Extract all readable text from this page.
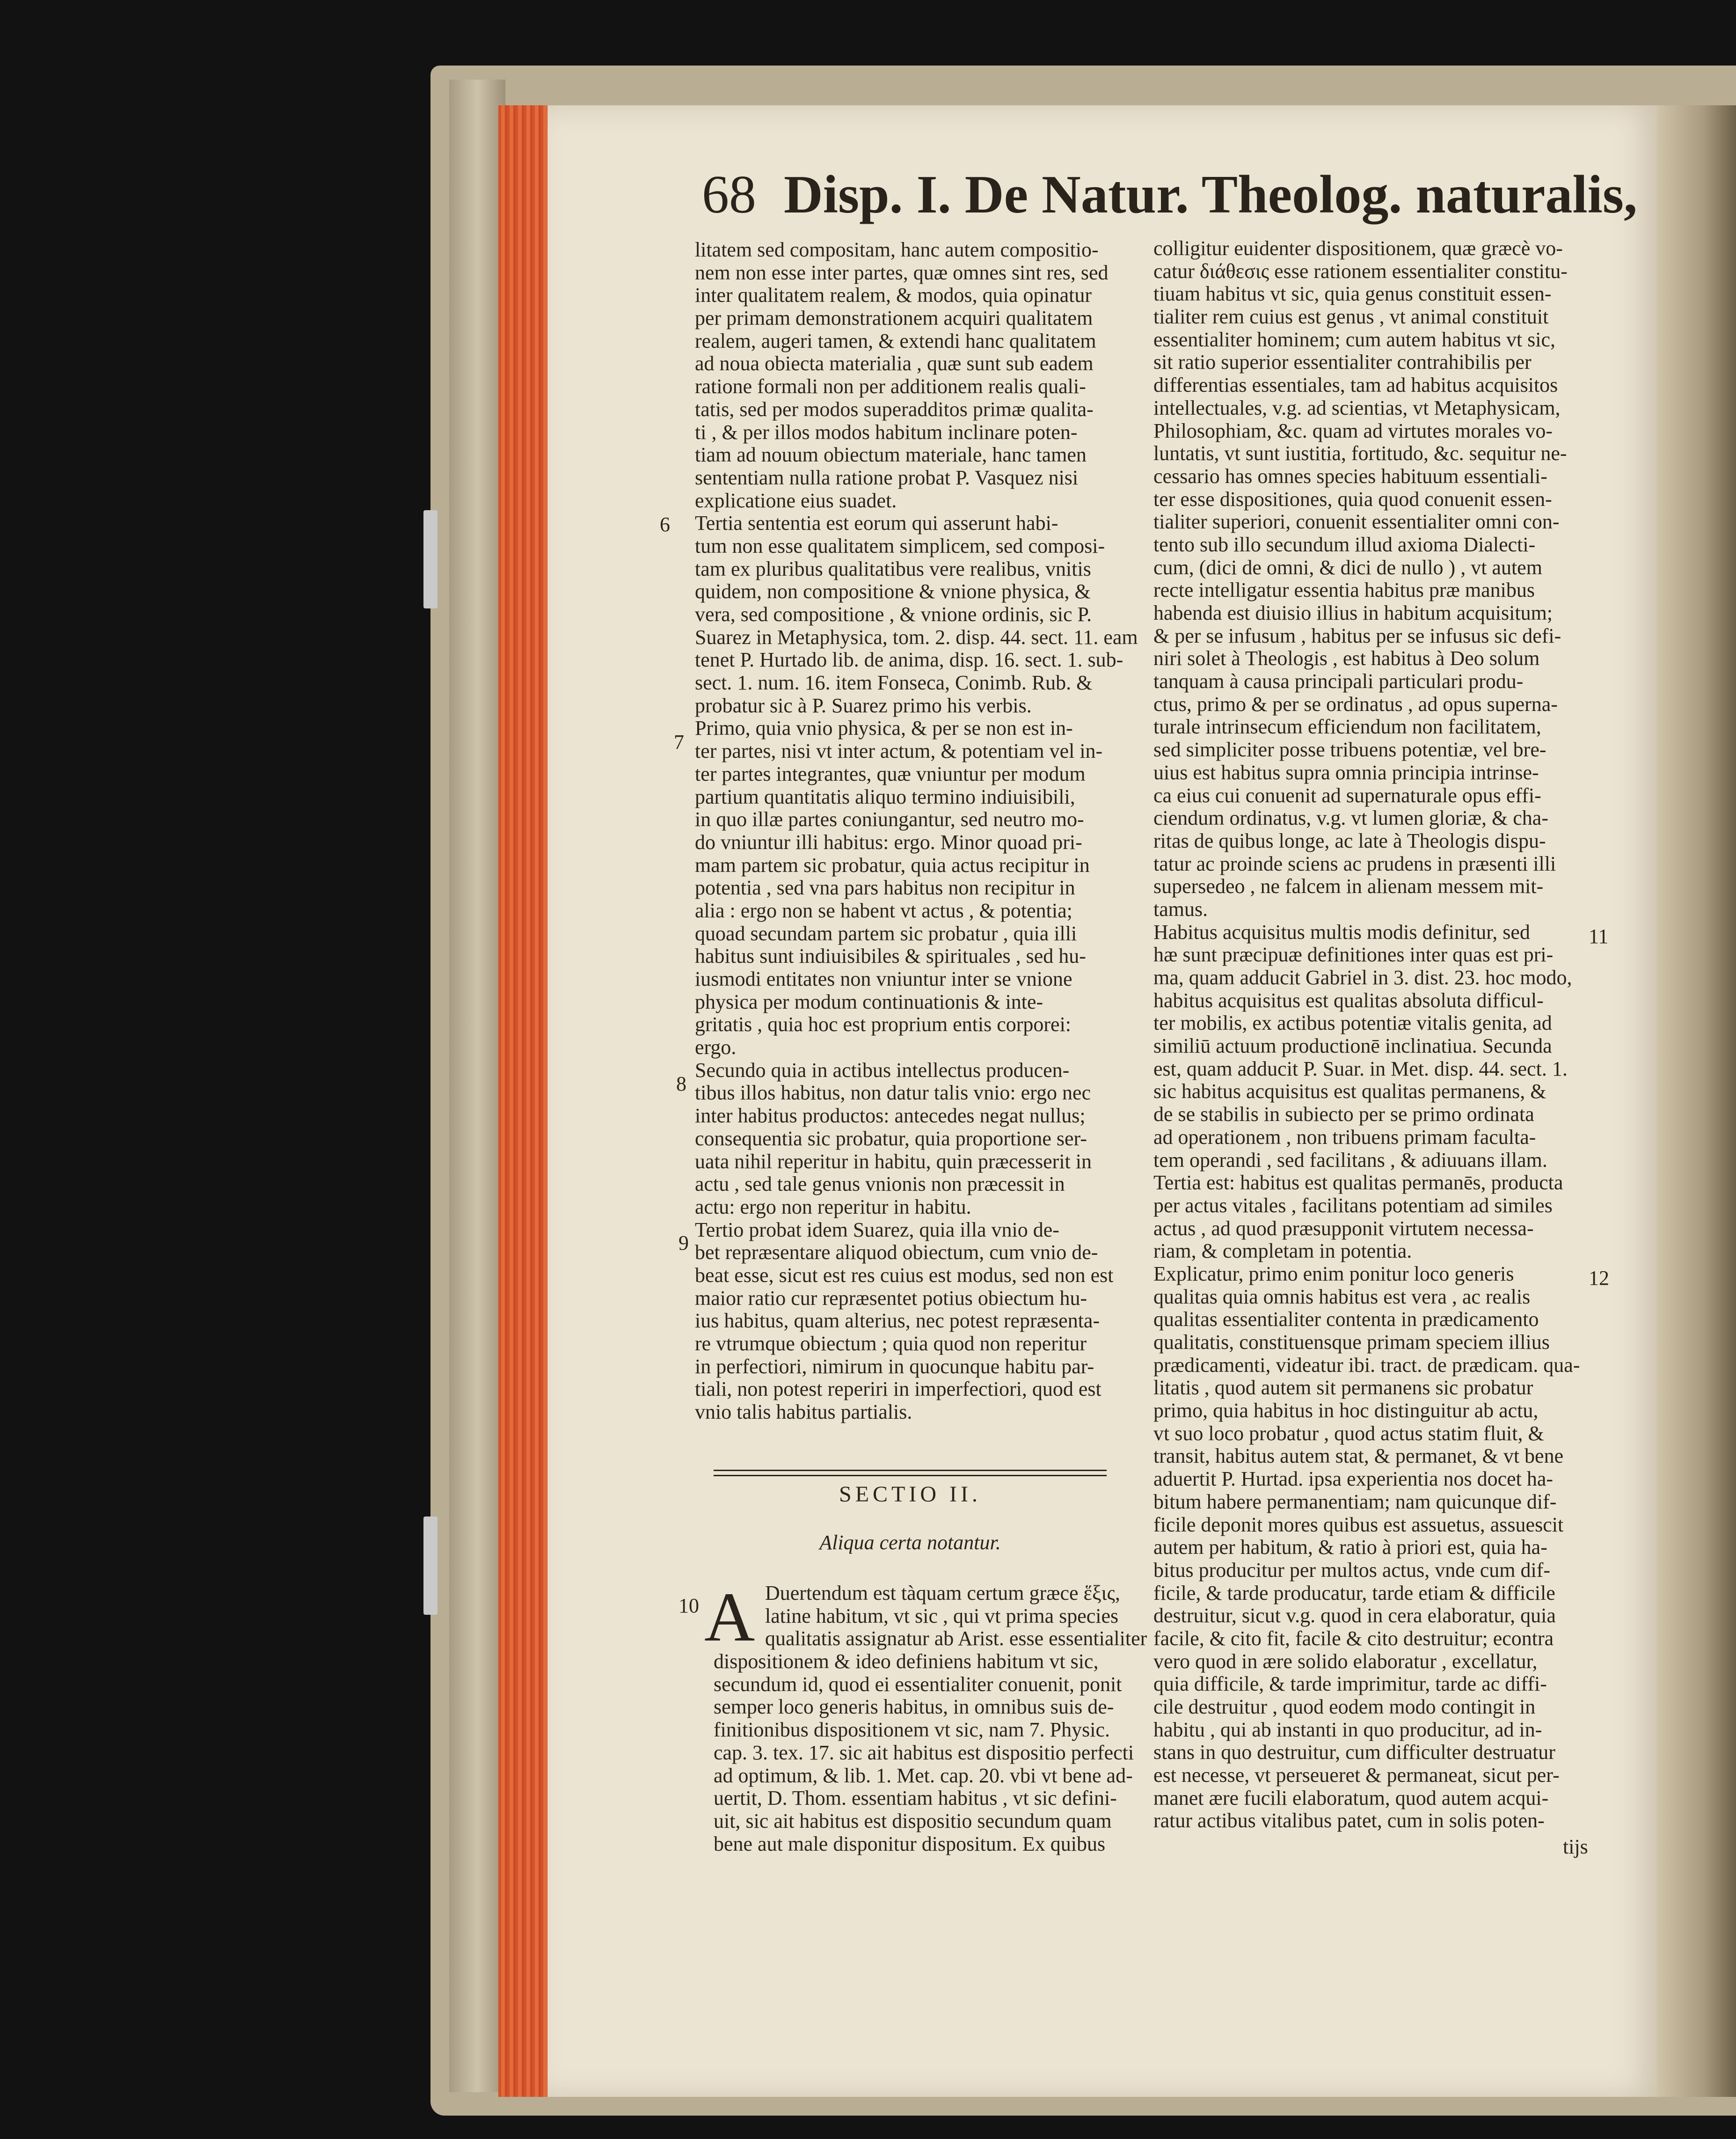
68 Disp. I. De Natur. Theolog. naturalis,
litatem sed compositam, hanc autem compositio-
nem non esse inter partes, quæ omnes sint res, sed
inter qualitatem realem, & modos, quia opinatur
per primam demonstrationem acquiri qualitatem
realem, augeri tamen, & extendi hanc qualitatem
ad noua obiecta materialia , quæ sunt sub eadem
ratione formali non per additionem realis quali-
tatis, sed per modos superadditos primæ qualita-
ti , & per illos modos habitum inclinare poten-
tiam ad nouum obiectum materiale, hanc tamen
sententiam nulla ratione probat P. Vasquez nisi
explicatione eius suadet.
Tertia sententia est eorum qui asserunt habi-
tum non esse qualitatem simplicem, sed composi-
tam ex pluribus qualitatibus vere realibus, vnitis
quidem, non compositione & vnione physica, &
vera, sed compositione , & vnione ordinis, sic P.
Suarez in Metaphysica, tom. 2. disp. 44. sect. 11. eam
tenet P. Hurtado lib. de anima, disp. 16. sect. 1. sub-
sect. 1. num. 16. item Fonseca, Conimb. Rub. &
probatur sic à P. Suarez primo his verbis.
Primo, quia vnio physica, & per se non est in-
ter partes, nisi vt inter actum, & potentiam vel in-
ter partes integrantes, quæ vniuntur per modum
partium quantitatis aliquo termino indiuisibili,
in quo illæ partes coniungantur, sed neutro mo-
do vniuntur illi habitus: ergo. Minor quoad pri-
mam partem sic probatur, quia actus recipitur in
potentia , sed vna pars habitus non recipitur in
alia : ergo non se habent vt actus , & potentia;
quoad secundam partem sic probatur , quia illi
habitus sunt indiuisibiles & spirituales , sed hu-
iusmodi entitates non vniuntur inter se vnione
physica per modum continuationis & inte-
gritatis , quia hoc est proprium entis corporei:
ergo.
Secundo quia in actibus intellectus producen-
tibus illos habitus, non datur talis vnio: ergo nec
inter habitus productos: antecedes negat nullus;
consequentia sic probatur, quia proportione ser-
uata nihil reperitur in habitu, quin præcesserit in
actu , sed tale genus vnionis non præcessit in
actu: ergo non reperitur in habitu.
Tertio probat idem Suarez, quia illa vnio de-
bet repræsentare aliquod obiectum, cum vnio de-
beat esse, sicut est res cuius est modus, sed non est
maior ratio cur repræsentet potius obiectum hu-
ius habitus, quam alterius, nec potest repræsenta-
re vtrumque obiectum ; quia quod non reperitur
in perfectiori, nimirum in quocunque habitu par-
tiali, non potest reperiri in imperfectiori, quod est
vnio talis habitus partialis.
colligitur euidenter dispositionem, quæ græcè vo-
catur διάθεσις esse rationem essentialiter constitu-
tiuam habitus vt sic, quia genus constituit essen-
tialiter rem cuius est genus , vt animal constituit
essentialiter hominem; cum autem habitus vt sic,
sit ratio superior essentialiter contrahibilis per
differentias essentiales, tam ad habitus acquisitos
intellectuales, v.g. ad scientias, vt Metaphysicam,
Philosophiam, &c. quam ad virtutes morales vo-
luntatis, vt sunt iustitia, fortitudo, &c. sequitur ne-
cessario has omnes species habituum essentiali-
ter esse dispositiones, quia quod conuenit essen-
tialiter superiori, conuenit essentialiter omni con-
tento sub illo secundum illud axioma Dialecti-
cum, (dici de omni, & dici de nullo ) , vt autem
recte intelligatur essentia habitus præ manibus
habenda est diuisio illius in habitum acquisitum;
& per se infusum , habitus per se infusus sic defi-
niri solet à Theologis , est habitus à Deo solum
tanquam à causa principali particulari produ-
ctus, primo & per se ordinatus , ad opus superna-
turale intrinsecum efficiendum non facilitatem,
sed simpliciter posse tribuens potentiæ, vel bre-
uius est habitus supra omnia principia intrinse-
ca eius cui conuenit ad supernaturale opus effi-
ciendum ordinatus, v.g. vt lumen gloriæ, & cha-
ritas de quibus longe, ac late à Theologis dispu-
tatur ac proinde sciens ac prudens in præsenti illi
supersedeo , ne falcem in alienam messem mit-
tamus.
Habitus acquisitus multis modis definitur, sed
hæ sunt præcipuæ definitiones inter quas est pri-
ma, quam adducit Gabriel in 3. dist. 23. hoc modo,
habitus acquisitus est qualitas absoluta difficul-
ter mobilis, ex actibus potentiæ vitalis genita, ad
similiū actuum productionē inclinatiua. Secunda
est, quam adducit P. Suar. in Met. disp. 44. sect. 1.
sic habitus acquisitus est qualitas permanens, &
de se stabilis in subiecto per se primo ordinata
ad operationem , non tribuens primam faculta-
tem operandi , sed facilitans , & adiuuans illam.
Tertia est: habitus est qualitas permanēs, producta
per actus vitales , facilitans potentiam ad similes
actus , ad quod præsupponit virtutem necessa-
riam, & completam in potentia.
Explicatur, primo enim ponitur loco generis
qualitas quia omnis habitus est vera , ac realis
qualitas essentialiter contenta in prædicamento
qualitatis, constituensque primam speciem illius
prædicamenti, videatur ibi. tract. de prædicam. qua-
litatis , quod autem sit permanens sic probatur
primo, quia habitus in hoc distinguitur ab actu,
vt suo loco probatur , quod actus statim fluit, &
transit, habitus autem stat, & permanet, & vt bene
aduertit P. Hurtad. ipsa experientia nos docet ha-
bitum habere permanentiam; nam quicunque dif-
ficile deponit mores quibus est assuetus, assuescit
autem per habitum, & ratio à priori est, quia ha-
bitus producitur per multos actus, vnde cum dif-
ficile, & tarde producatur, tarde etiam & difficile
destruitur, sicut v.g. quod in cera elaboratur, quia
facile, & cito fit, facile & cito destruitur; econtra
vero quod in ære solido elaboratur , excellatur,
quia difficile, & tarde imprimitur, tarde ac diffi-
cile destruitur , quod eodem modo contingit in
habitu , qui ab instanti in quo producitur, ad in-
stans in quo destruitur, cum difficulter destruatur
est necesse, vt perseueret & permaneat, sicut per-
manet ære fucili elaboratum, quod autem acqui-
ratur actibus vitalibus patet, cum in solis poten-
6
7
8
9
10
11
12
SECTIO II.
Aliqua certa notantur.
A Duertendum est tàquam certum græce ἕξις,
latine habitum, vt sic , qui vt prima species
qualitatis assignatur ab Arist. esse essentialiter
dispositionem & ideo definiens habitum vt sic,
secundum id, quod ei essentialiter conuenit, ponit
semper loco generis habitus, in omnibus suis de-
finitionibus dispositionem vt sic, nam 7. Physic.
cap. 3. tex. 17. sic ait habitus est dispositio perfecti
ad optimum, & lib. 1. Met. cap. 20. vbi vt bene ad-
uertit, D. Thom. essentiam habitus , vt sic defini-
uit, sic ait habitus est dispositio secundum quam
bene aut male disponitur dispositum. Ex quibus	tijs
